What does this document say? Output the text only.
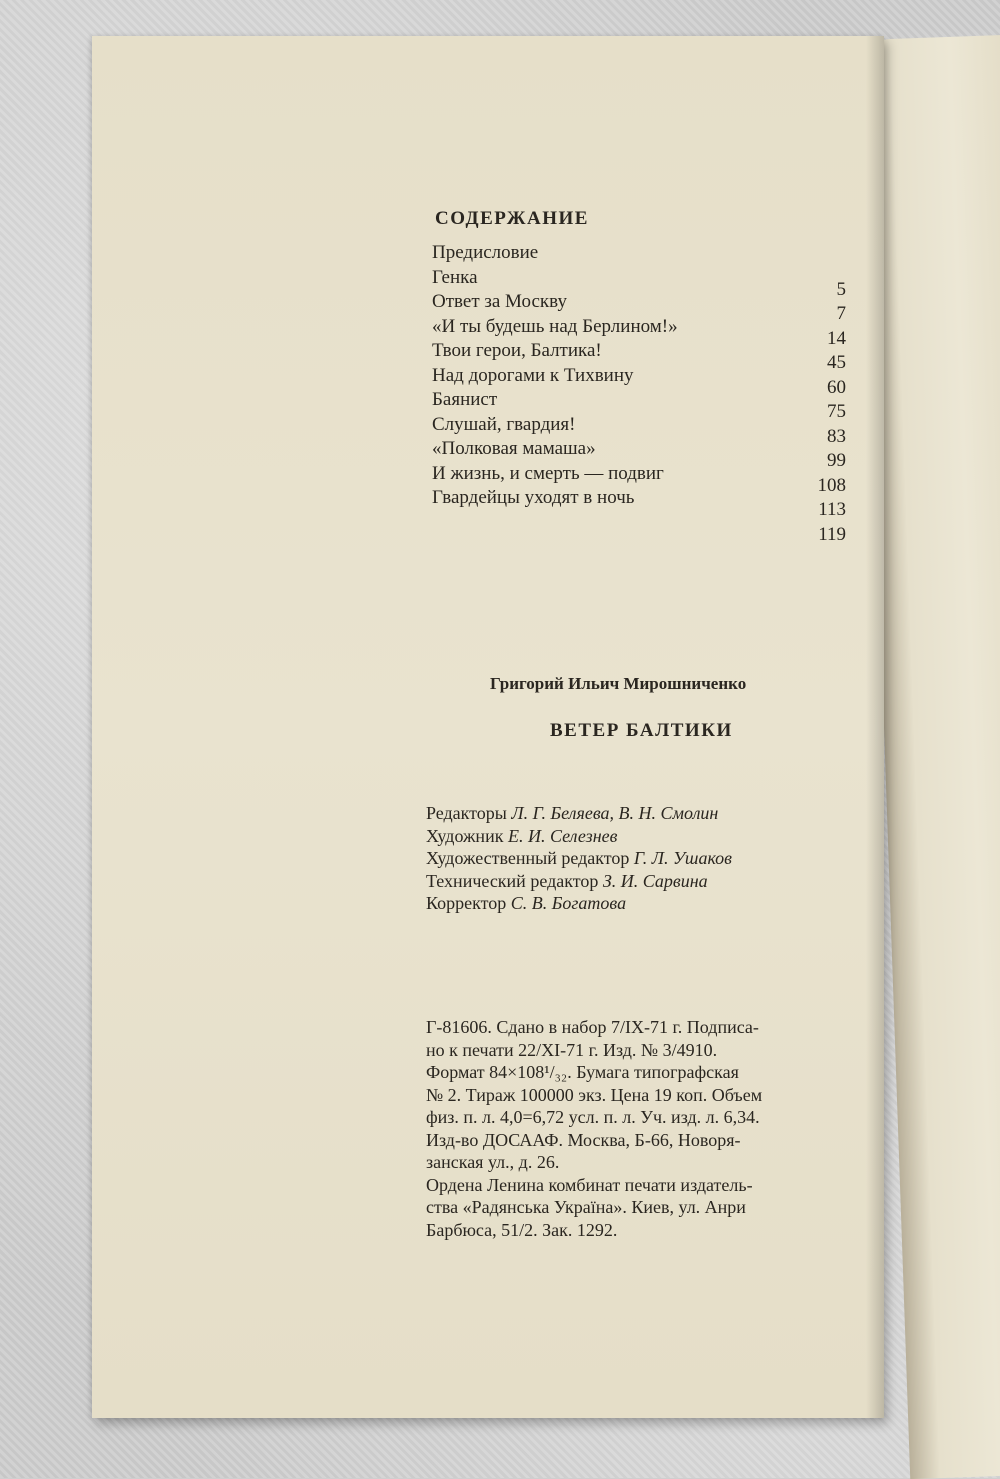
СОДЕРЖАНИЕ
Предисловие
Генка
5
Ответ за Москву
7
«И ты будешь над Берлином!»
14
Твои герои, Балтика!
45
Над дорогами к Тихвину
60
Баянист
75
Слушай, гвардия!
83
«Полковая мамаша»
99
И жизнь, и смерть — подвиг
108
Гвардейцы уходят в ночь
113
119
Григорий Ильич Мирошниченко
ВЕТЕР БАЛТИКИ
Редакторы Л. Г. Беляева, В. Н. Смолин
Художник Е. И. Селезнев
Художественный редактор Г. Л. Ушаков
Технический редактор З. И. Сарвина
Корректор С. В. Богатова
Г-81606. Сдано в набор 7/IX-71 г. Подписа-
но к печати 22/XI-71 г. Изд. № 3/4910.
Формат 84×108¹/₃₂. Бумага типографская
№ 2. Тираж 100000 экз. Цена 19 коп. Объем
физ. п. л. 4,0=6,72 усл. п. л. Уч. изд. л. 6,34.
Изд-во ДОСААФ. Москва, Б-66, Новоря-
занская ул., д. 26.
Ордена Ленина комбинат печати издатель-
ства «Радянська Україна». Киев, ул. Анри
Барбюса, 51/2. Зак. 1292.
